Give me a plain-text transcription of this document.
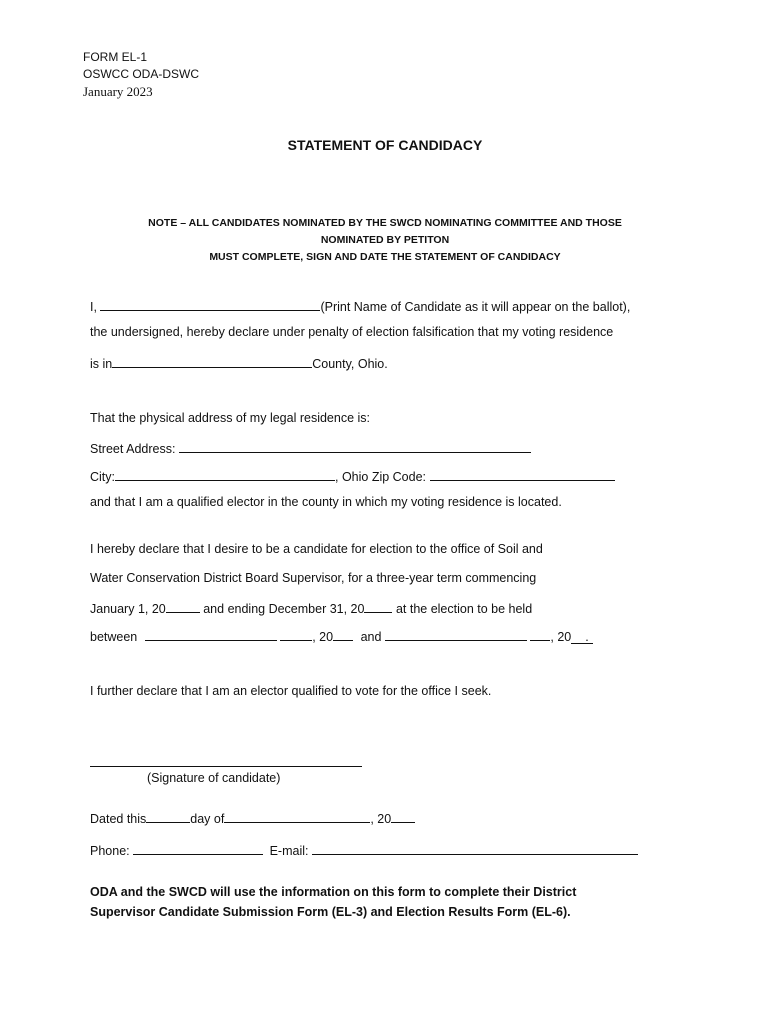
FORM EL-1
OSWCC ODA-DSWC
January 2023
STATEMENT OF CANDIDACY
NOTE – ALL CANDIDATES NOMINATED BY THE SWCD NOMINATING COMMITTEE AND THOSE
NOMINATED BY PETITON
MUST COMPLETE, SIGN AND DATE THE STATEMENT OF CANDIDACY
I,	(Print Name of Candidate as it will appear on the ballot),
the undersigned, hereby declare under penalty of election falsification that my voting residence
is in	County, Ohio.
That the physical address of my legal residence is:
Street Address:
City:	, Ohio Zip Code:
and that I am a qualified elector in the county in which my voting residence is located.
I hereby declare that I desire to be a candidate for election to the office of Soil and
Water Conservation District Board Supervisor, for a three-year term commencing
January 1, 20	and ending December 31, 20	at the election to be held
between	, 20 and	, 20 .
I further declare that I am an elector qualified to vote for the office I seek.
(Signature of candidate)
Dated this	day of	, 20
Phone:	E-mail:
ODA and the SWCD will use the information on this form to complete their District
Supervisor Candidate Submission Form (EL-3) and Election Results Form (EL-6).
